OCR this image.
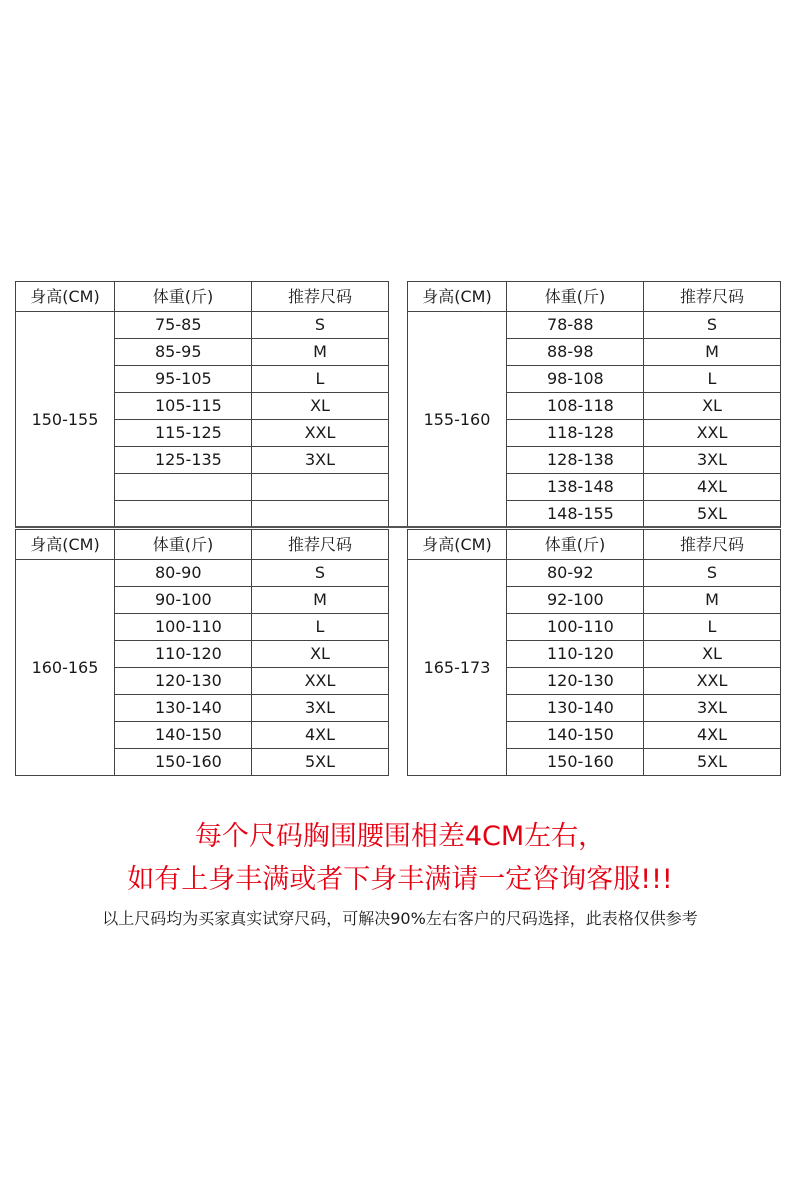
身高(CM)	体重(斤)	推荐尺码
150-155	75-85	S
	85-95	M
	95-105	L
	105-115	XL
	115-125	XXL
	125-135	3XL

身高(CM)	体重(斤)	推荐尺码
155-160	78-88	S
	88-98	M
	98-108	L
	108-118	XL
	118-128	XXL
	128-138	3XL
	138-148	4XL
	148-155	5XL
身高(CM)	体重(斤)	推荐尺码
160-165	80-90	S
	90-100	M
	100-110	L
	110-120	XL
	120-130	XXL
	130-140	3XL
	140-150	4XL
	150-160	5XL
身高(CM)	体重(斤)	推荐尺码
165-173	80-92	S
	92-100	M
	100-110	L
	110-120	XL
	120-130	XXL
	130-140	3XL
	140-150	4XL
	150-160	5XL
每个尺码胸围腰围相差4CM左右，
如有上身丰满或者下身丰满请一定咨询客服!!!
以上尺码均为买家真实试穿尺码，可解决90%左右客户的尺码选择，此表格仅供参考
